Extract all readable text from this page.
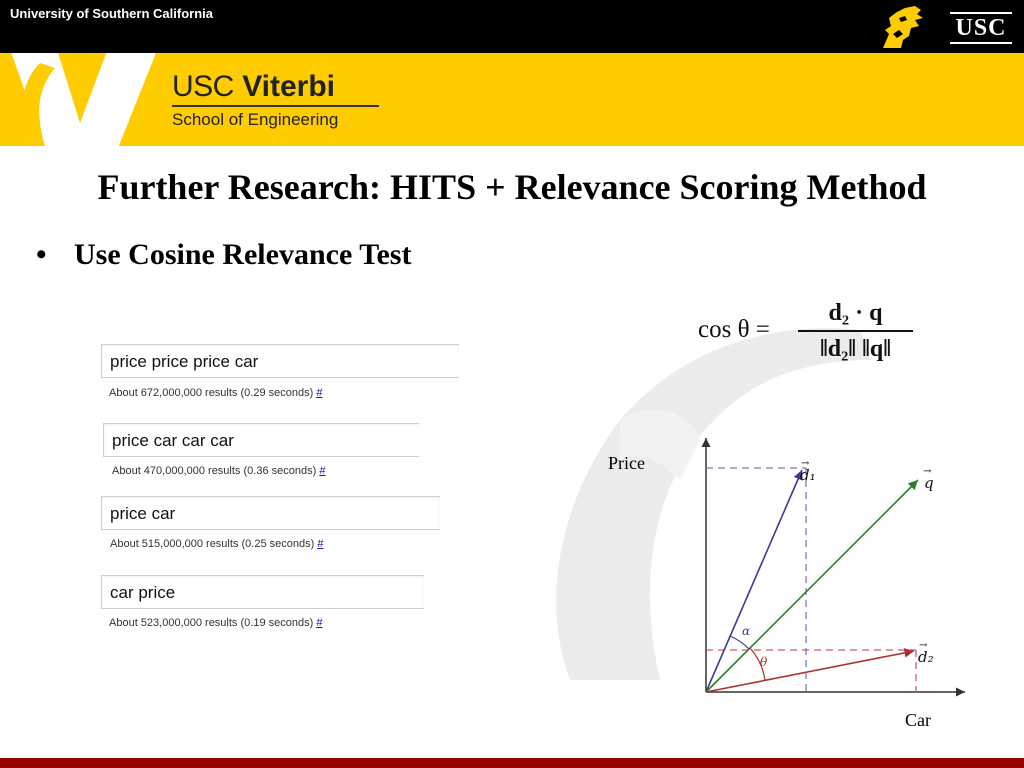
University of Southern California
USC
USC Viterbi
School of Engineering
Further Research: HITS + Relevance Scoring Method
• Use Cosine Relevance Test
price price price car
About 672,000,000 results (0.29 seconds) #
price car car car
About 470,000,000 results (0.36 seconds) #
price car
About 515,000,000 results (0.25 seconds) #
car price
About 523,000,000 results (0.19 seconds) #
cos θ =
d₂ · q
‖d₂‖ ‖q‖
Price
Car
d₁
→
q
→
d₂
→
α
θ
